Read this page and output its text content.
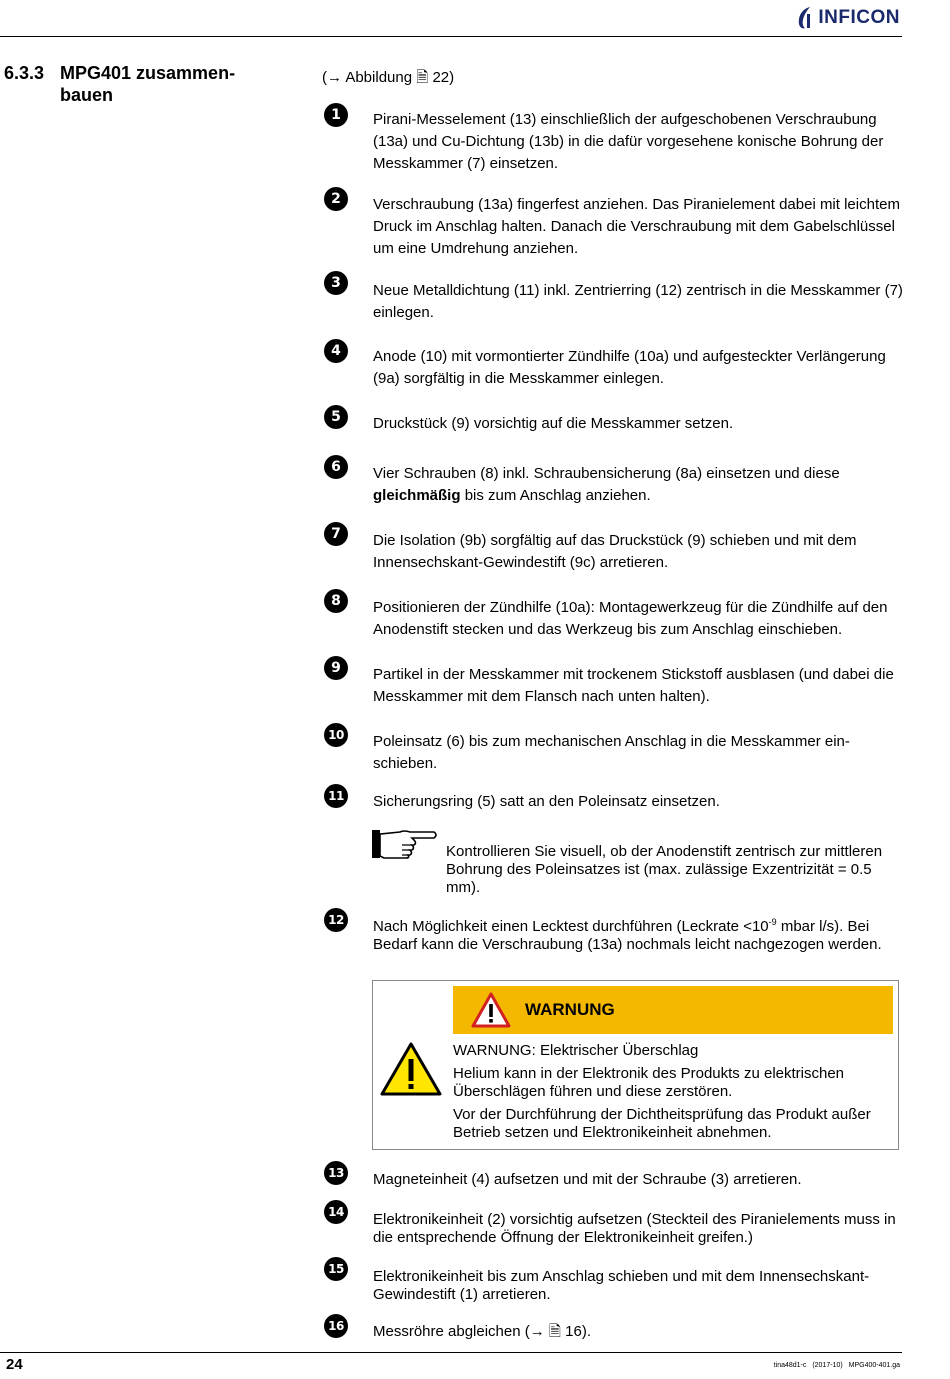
INFICON
6.3.3 MPG401 zusammen-bauen
(→ Abbildung 🗎 22)
1	Pirani-Messelement (13) einschließlich der aufgeschobenen Verschraubung (13a) und Cu-Dichtung (13b) in die dafür vorgesehene konische Bohrung der Messkammer (7) einsetzen.
2	Verschraubung (13a) fingerfest anziehen. Das Piranielement dabei mit leichtem Druck im Anschlag halten. Danach die Verschraubung mit dem Gabelschlüssel um eine Umdrehung anziehen.
3	Neue Metalldichtung (11) inkl. Zentrierring (12) zentrisch in die Messkammer (7) einlegen.
4	Anode (10) mit vormontierter Zündhilfe (10a) und aufgesteckter Verlängerung (9a) sorgfältig in die Messkammer einlegen.
5	Druckstück (9) vorsichtig auf die Messkammer setzen.
6	Vier Schrauben (8) inkl. Schraubensicherung (8a) einsetzen und diese gleichmäßig bis zum Anschlag anziehen.
7	Die Isolation (9b) sorgfältig auf das Druckstück (9) schieben und mit dem Innensechskant-Gewindestift (9c) arretieren.
8	Positionieren der Zündhilfe (10a): Montagewerkzeug für die Zündhilfe auf den Anodenstift stecken und das Werkzeug bis zum Anschlag einschieben.
9	Partikel in der Messkammer mit trockenem Stickstoff ausblasen (und dabei die Messkammer mit dem Flansch nach unten halten).
10 Poleinsatz (6) bis zum mechanischen Anschlag in die Messkammer ein-schieben.
11 Sicherungsring (5) satt an den Poleinsatz einsetzen.
Kontrollieren Sie visuell, ob der Anodenstift zentrisch zur mittleren Bohrung des Poleinsatzes ist (max. zulässige Exzentrizität = 0.5 mm).
12 Nach Möglichkeit einen Lecktest durchführen (Leckrate $<10^{-9}$ mbar l/s). Bei Bedarf kann die Verschraubung (13a) nochmals leicht nachgezogen werden.
WARNUNG

WARNUNG: Elektrischer Überschlag

Helium kann in der Elektronik des Produkts zu elektrischen Überschlägen führen und diese zerstören.

Vor der Durchführung der Dichtheitsprüfung das Produkt außer Betrieb setzen und Elektronikeinheit abnehmen.

13 Magneteinheit (4) aufsetzen und mit der Schraube (3) arretieren.
14 Elektronikeinheit (2) vorsichtig aufsetzen (Steckteil des Piranielements muss in die entsprechende Öffnung der Elektronikeinheit greifen.)
15 Elektronikeinheit bis zum Anschlag schieben und mit dem Innensechskant-Gewindestift (1) arretieren.
16 Messröhre abgleichen (→ 🗎 16).
24	tina48d1-c (2017-10) MPG400-401.ga
